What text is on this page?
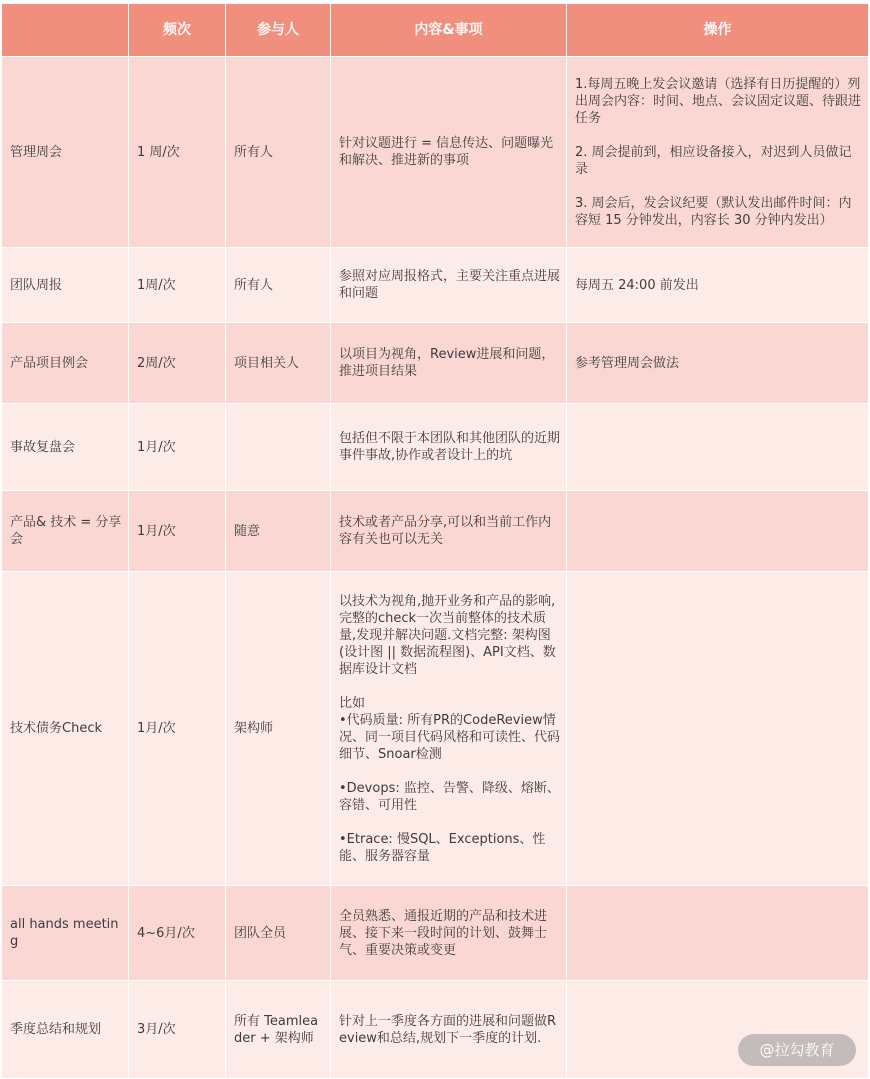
	频次	参与人	内容&事项	操作
管理周会	1 周/次	所有人	针对议题进行 = 信息传达、问题曝光和解决、推进新的事项	1.每周五晚上发会议邀请（选择有日历提醒的）列出周会内容：时间、地点、会议固定议题、待跟进任务

2. 周会提前到，相应设备接入，对迟到人员做记录

3. 周会后，发会议纪要（默认发出邮件时间：内容短 15 分钟发出，内容长 30 分钟内发出）
团队周报	1周/次	所有人	参照对应周报格式，主要关注重点进展和问题	每周五 24:00 前发出
产品项目例会	2周/次	项目相关人	以项目为视角，Review进展和问题，推进项目结果	参考管理周会做法
事故复盘会	1月/次		包括但不限于本团队和其他团队的近期事件事故,协作或者设计上的坑	
产品& 技术 = 分享会	1月/次	随意	技术或者产品分享,可以和当前工作内容有关也可以无关	
技术债务Check	1月/次	架构师	以技术为视角,抛开业务和产品的影响,完整的check一次当前整体的技术质量,发现并解决问题.文档完整: 架构图(设计图 || 数据流程图)、API文档、数据库设计文档

比如
•代码质量: 所有PR的CodeReview情况、同一项目代码风格和可读性、代码细节、Snoar检测

•Devops: 监控、告警、降级、熔断、容错、可用性

•Etrace: 慢SQL、Exceptions、性能、服务器容量	
all hands meeting	4~6月/次	团队全员	全员熟悉、通报近期的产品和技术进展、接下来一段时间的计划、鼓舞士气、重要决策或变更	
季度总结和规划	3月/次	所有 Teamleader + 架构师	针对上一季度各方面的进展和问题做Review和总结,规划下一季度的计划.	
@拉勾教育
